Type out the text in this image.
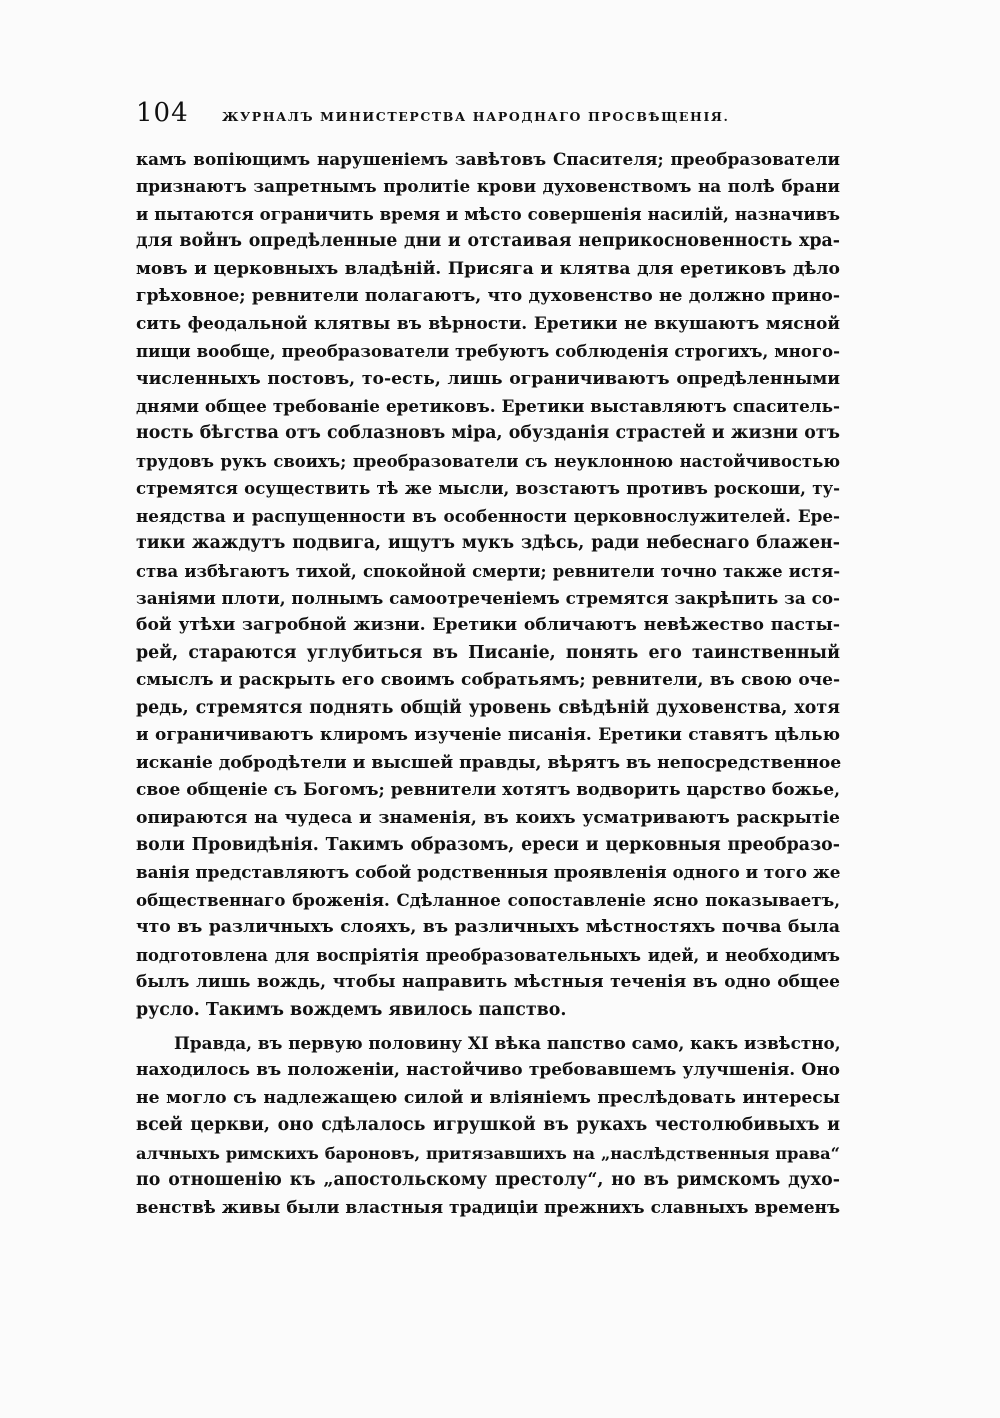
104	ЖУРНАЛЪ МИНИСТЕРСТВА НАРОДНАГО ПРОСВѢЩЕНІЯ.
камъ вопіющимъ нарушеніемъ завѣтовъ Спасителя; преобразователи
признаютъ запретнымъ пролитіе крови духовенствомъ на полѣ брани
и пытаются ограничить время и мѣсто совершенія насилій, назначивъ
для войнъ опредѣленные дни и отстаивая неприкосновенность хра-
мовъ и церковныхъ владѣній. Присяга и клятва для еретиковъ дѣло
грѣховное; ревнители полагаютъ, что духовенство не должно прино-
сить феодальной клятвы въ вѣрности. Еретики не вкушаютъ мясной
пищи вообще, преобразователи требуютъ соблюденія строгихъ, много-
численныхъ постовъ, то-есть, лишь ограничиваютъ опредѣленными
днями общее требованіе еретиковъ. Еретики выставляютъ спаситель-
ность бѣгства отъ соблазновъ міра, обузданія страстей и жизни отъ
трудовъ рукъ своихъ; преобразователи съ неуклонною настойчивостью
стремятся осуществить тѣ же мысли, возстаютъ противъ роскоши, ту-
неядства и распущенности въ особенности церковнослужителей. Ере-
тики жаждутъ подвига, ищутъ мукъ здѣсь, ради небеснаго блажен-
ства избѣгаютъ тихой, спокойной смерти; ревнители точно также истя-
заніями плоти, полнымъ самоотреченіемъ стремятся закрѣпить за со-
бой утѣхи загробной жизни. Еретики обличаютъ невѣжество пасты-
рей, стараются углубиться въ Писаніе, понять его таинственный
смыслъ и раскрыть его своимъ собратьямъ; ревнители, въ свою оче-
редь, стремятся поднять общій уровень свѣдѣній духовенства, хотя
и ограничиваютъ клиромъ изученіе писанія. Еретики ставятъ цѣлью
исканіе добродѣтели и высшей правды, вѣрятъ въ непосредственное
свое общеніе съ Богомъ; ревнители хотятъ водворить царство божье,
опираются на чудеса и знаменія, въ коихъ усматриваютъ раскрытіе
воли Провидѣнія. Такимъ образомъ, ереси и церковныя преобразо-
ванія представляютъ собой родственныя проявленія одного и того же
общественнаго броженія. Сдѣланное сопоставленіе ясно показываетъ,
что въ различныхъ слояхъ, въ различныхъ мѣстностяхъ почва была
подготовлена для воспріятія преобразовательныхъ идей, и необходимъ
былъ лишь вождь, чтобы направить мѣстныя теченія въ одно общее
русло. Такимъ вождемъ явилось папство.
Правда, въ первую половину XI вѣка папство само, какъ извѣстно,
находилось въ положеніи, настойчиво требовавшемъ улучшенія. Оно
не могло съ надлежащею силой и вліяніемъ преслѣдовать интересы
всей церкви, оно сдѣлалось игрушкой въ рукахъ честолюбивыхъ и
алчныхъ римскихъ бароновъ, притязавшихъ на „наслѣдственныя права“
по отношенію къ „апостольскому престолу“, но въ римскомъ духо-
венствѣ живы были властныя традиціи прежнихъ славныхъ временъ
